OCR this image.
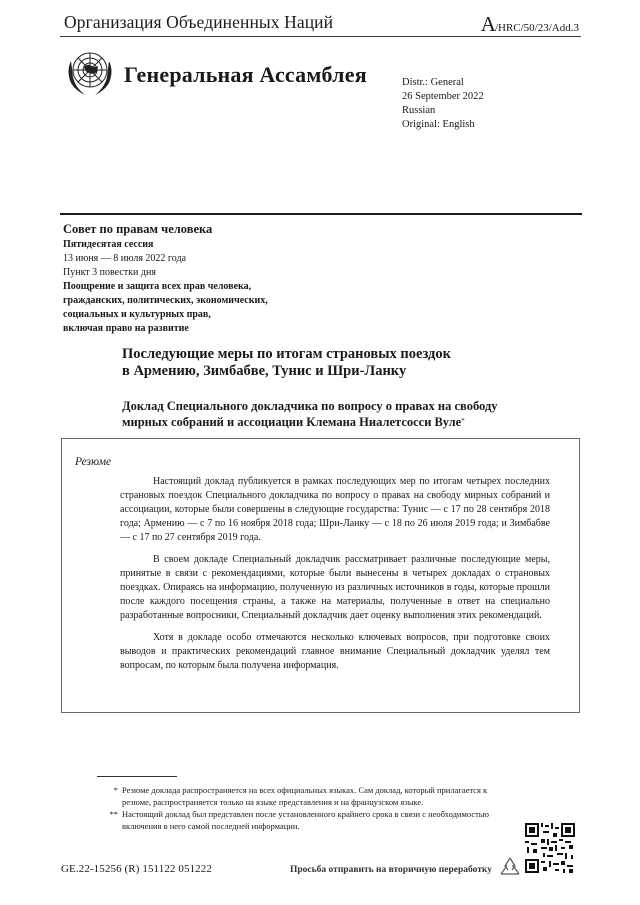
Организация Объединенных Наций	A/HRC/50/23/Add.3
Генеральная Ассамблея	Distr.: General
26 September 2022
Russian
Original: English
Совет по правам человека
Пятидесятая сессия
13 июня — 8 июля 2022 года
Пункт 3 повестки дня
Поощрение и защита всех прав человека,
гражданских, политических, экономических,
социальных и культурных прав,
включая право на развитие
Последующие меры по итогам страновых поездок
в Армению, Зимбабве, Тунис и Шри-Ланку
Доклад Специального докладчика по вопросу о правах на свободу
мирных собраний и ассоциации Клемана Ниалетсосси Вуле*
Резюме

Настоящий доклад публикуется в рамках последующих мер по итогам четырех последних страновых поездок Специального докладчика по вопросу о правах на свободу мирных собраний и ассоциации, которые были совершены в следующие государства: Тунис — с 17 по 28 сентября 2018 года; Армению — с 7 по 16 ноября 2018 года; Шри-Ланку — с 18 по 26 июля 2019 года; и Зимбабве — с 17 по 27 сентября 2019 года.

В своем докладе Специальный докладчик рассматривает различные последующие меры, принятые в связи с рекомендациями, которые были вынесены в четырех докладах о страновых поездках. Опираясь на информацию, полученную из различных источников в годы, которые прошли после каждого посещения страны, а также на материалы, полученные в ответ на специально разработанные вопросники, Специальный докладчик дает оценку выполнения этих рекомендаций.

Хотя в докладе особо отмечаются несколько ключевых вопросов, при подготовке своих выводов и практических рекомендаций главное внимание Специальный докладчик уделял тем вопросам, по которым была получена информация.

* Резюме доклада распространяется на всех официальных языках. Сам доклад, который прилагается к резюме, распространяется только на языке представления и на французском языке.
** Настоящий доклад был представлен после установленного крайнего срока в связи с необходимостью включения в него самой последней информации.
GE.22-15256 (R) 151122 051222	Просьба отправить на вторичную переработку
